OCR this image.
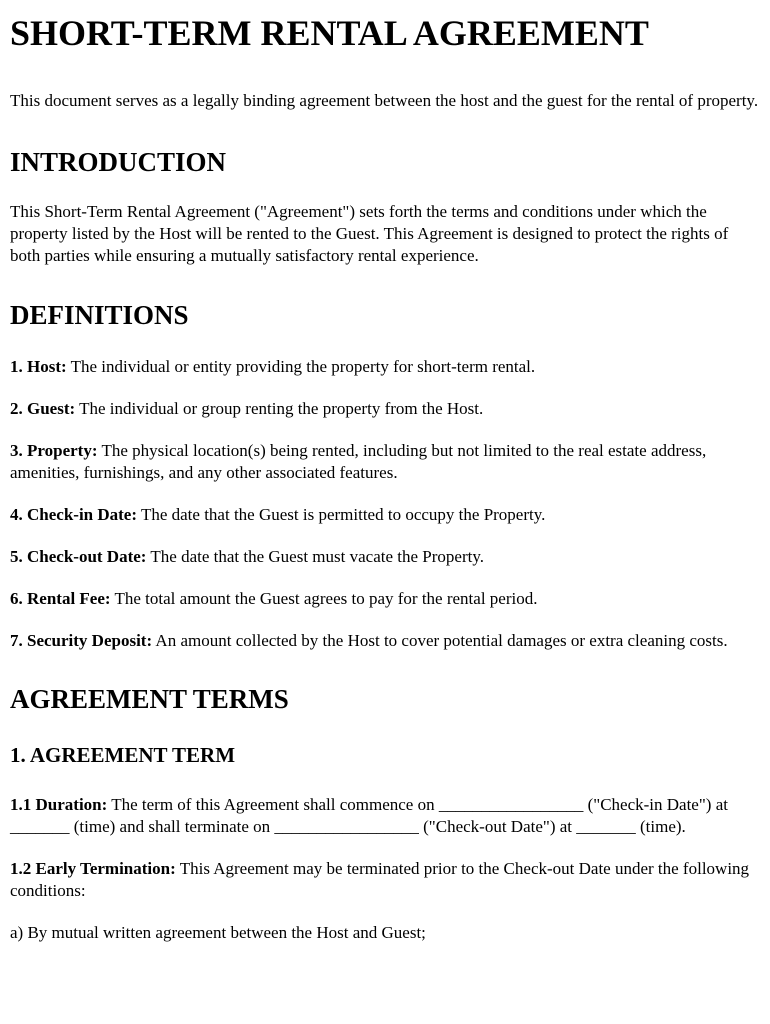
SHORT-TERM RENTAL AGREEMENT

This document serves as a legally binding agreement between the host and the guest for the rental of property.

INTRODUCTION

This Short-Term Rental Agreement ("Agreement") sets forth the terms and conditions under which the property listed by the Host will be rented to the Guest. This Agreement is designed to protect the rights of both parties while ensuring a mutually satisfactory rental experience.

DEFINITIONS

1. Host: The individual or entity providing the property for short-term rental.

2. Guest: The individual or group renting the property from the Host.

3. Property: The physical location(s) being rented, including but not limited to the real estate address, amenities, furnishings, and any other associated features.

4. Check-in Date: The date that the Guest is permitted to occupy the Property.

5. Check-out Date: The date that the Guest must vacate the Property.

6. Rental Fee: The total amount the Guest agrees to pay for the rental period.

7. Security Deposit: An amount collected by the Host to cover potential damages or extra cleaning costs.

AGREEMENT TERMS
1. AGREEMENT TERM

1.1 Duration: The term of this Agreement shall commence on _________________ ("Check-in Date") at _______ (time) and shall terminate on _________________ ("Check-out Date") at _______ (time).

1.2 Early Termination: This Agreement may be terminated prior to the Check-out Date under the following conditions:

a) By mutual written agreement between the Host and Guest;
